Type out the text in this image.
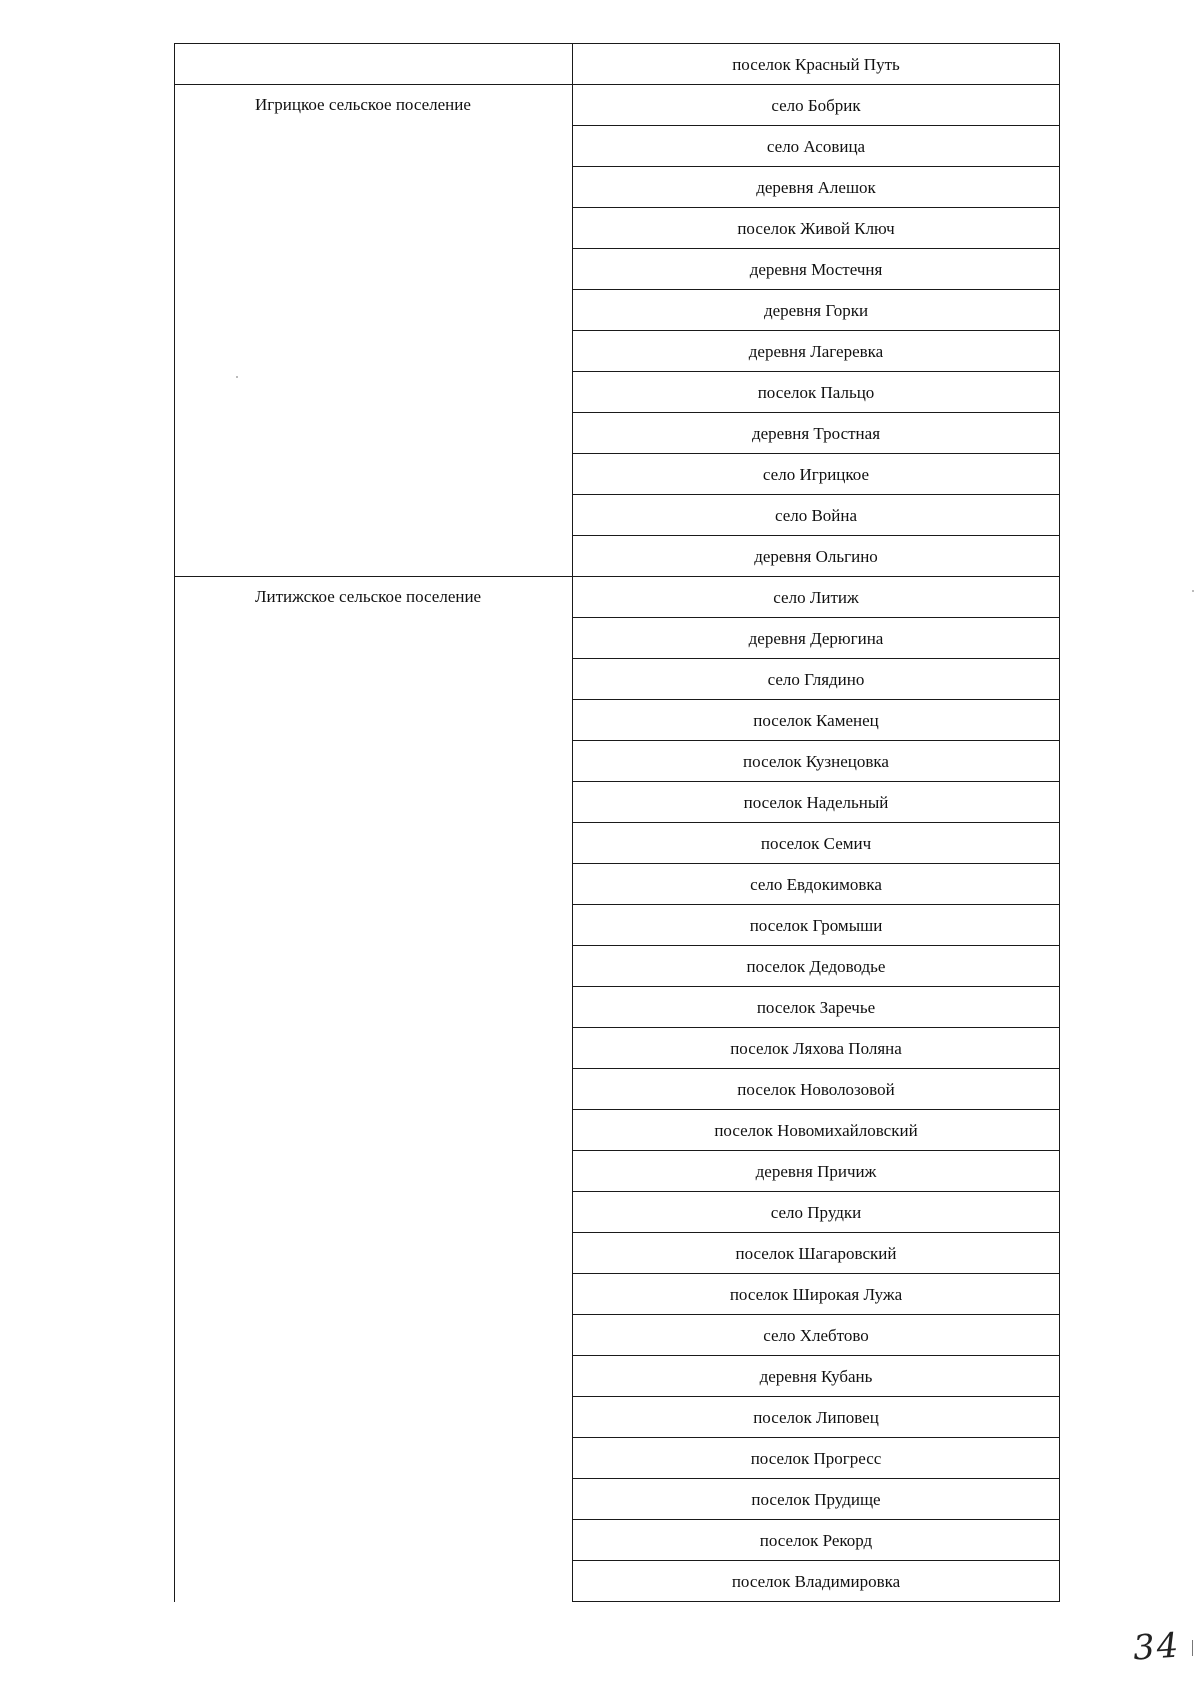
	поселок Красный Путь
Игрицкое сельское поселение	село Бобрик
	село Асовица
	деревня Алешок
	поселок Живой Ключ
	деревня Мостечня
	деревня Горки
	деревня Лагеревка
	поселок Пальцо
	деревня Тростная
	село Игрицкое
	село Война
	деревня Ольгино
Литижское сельское поселение	село Литиж
	деревня Дерюгина
	село Глядино
	поселок Каменец
	поселок Кузнецовка
	поселок Надельный
	поселок Семич
	село Евдокимовка
	поселок Громыши
	поселок Дедоводье
	поселок Заречье
	поселок Ляхова Поляна
	поселок Новолозовой
	поселок Новомихайловский
	деревня Причиж
	село Прудки
	поселок Шагаровский
	поселок Широкая Лужа
	село Хлебтово
	деревня Кубань
	поселок Липовец
	поселок Прогресс
	поселок Прудище
	поселок Рекорд
	поселок Владимировка
34
